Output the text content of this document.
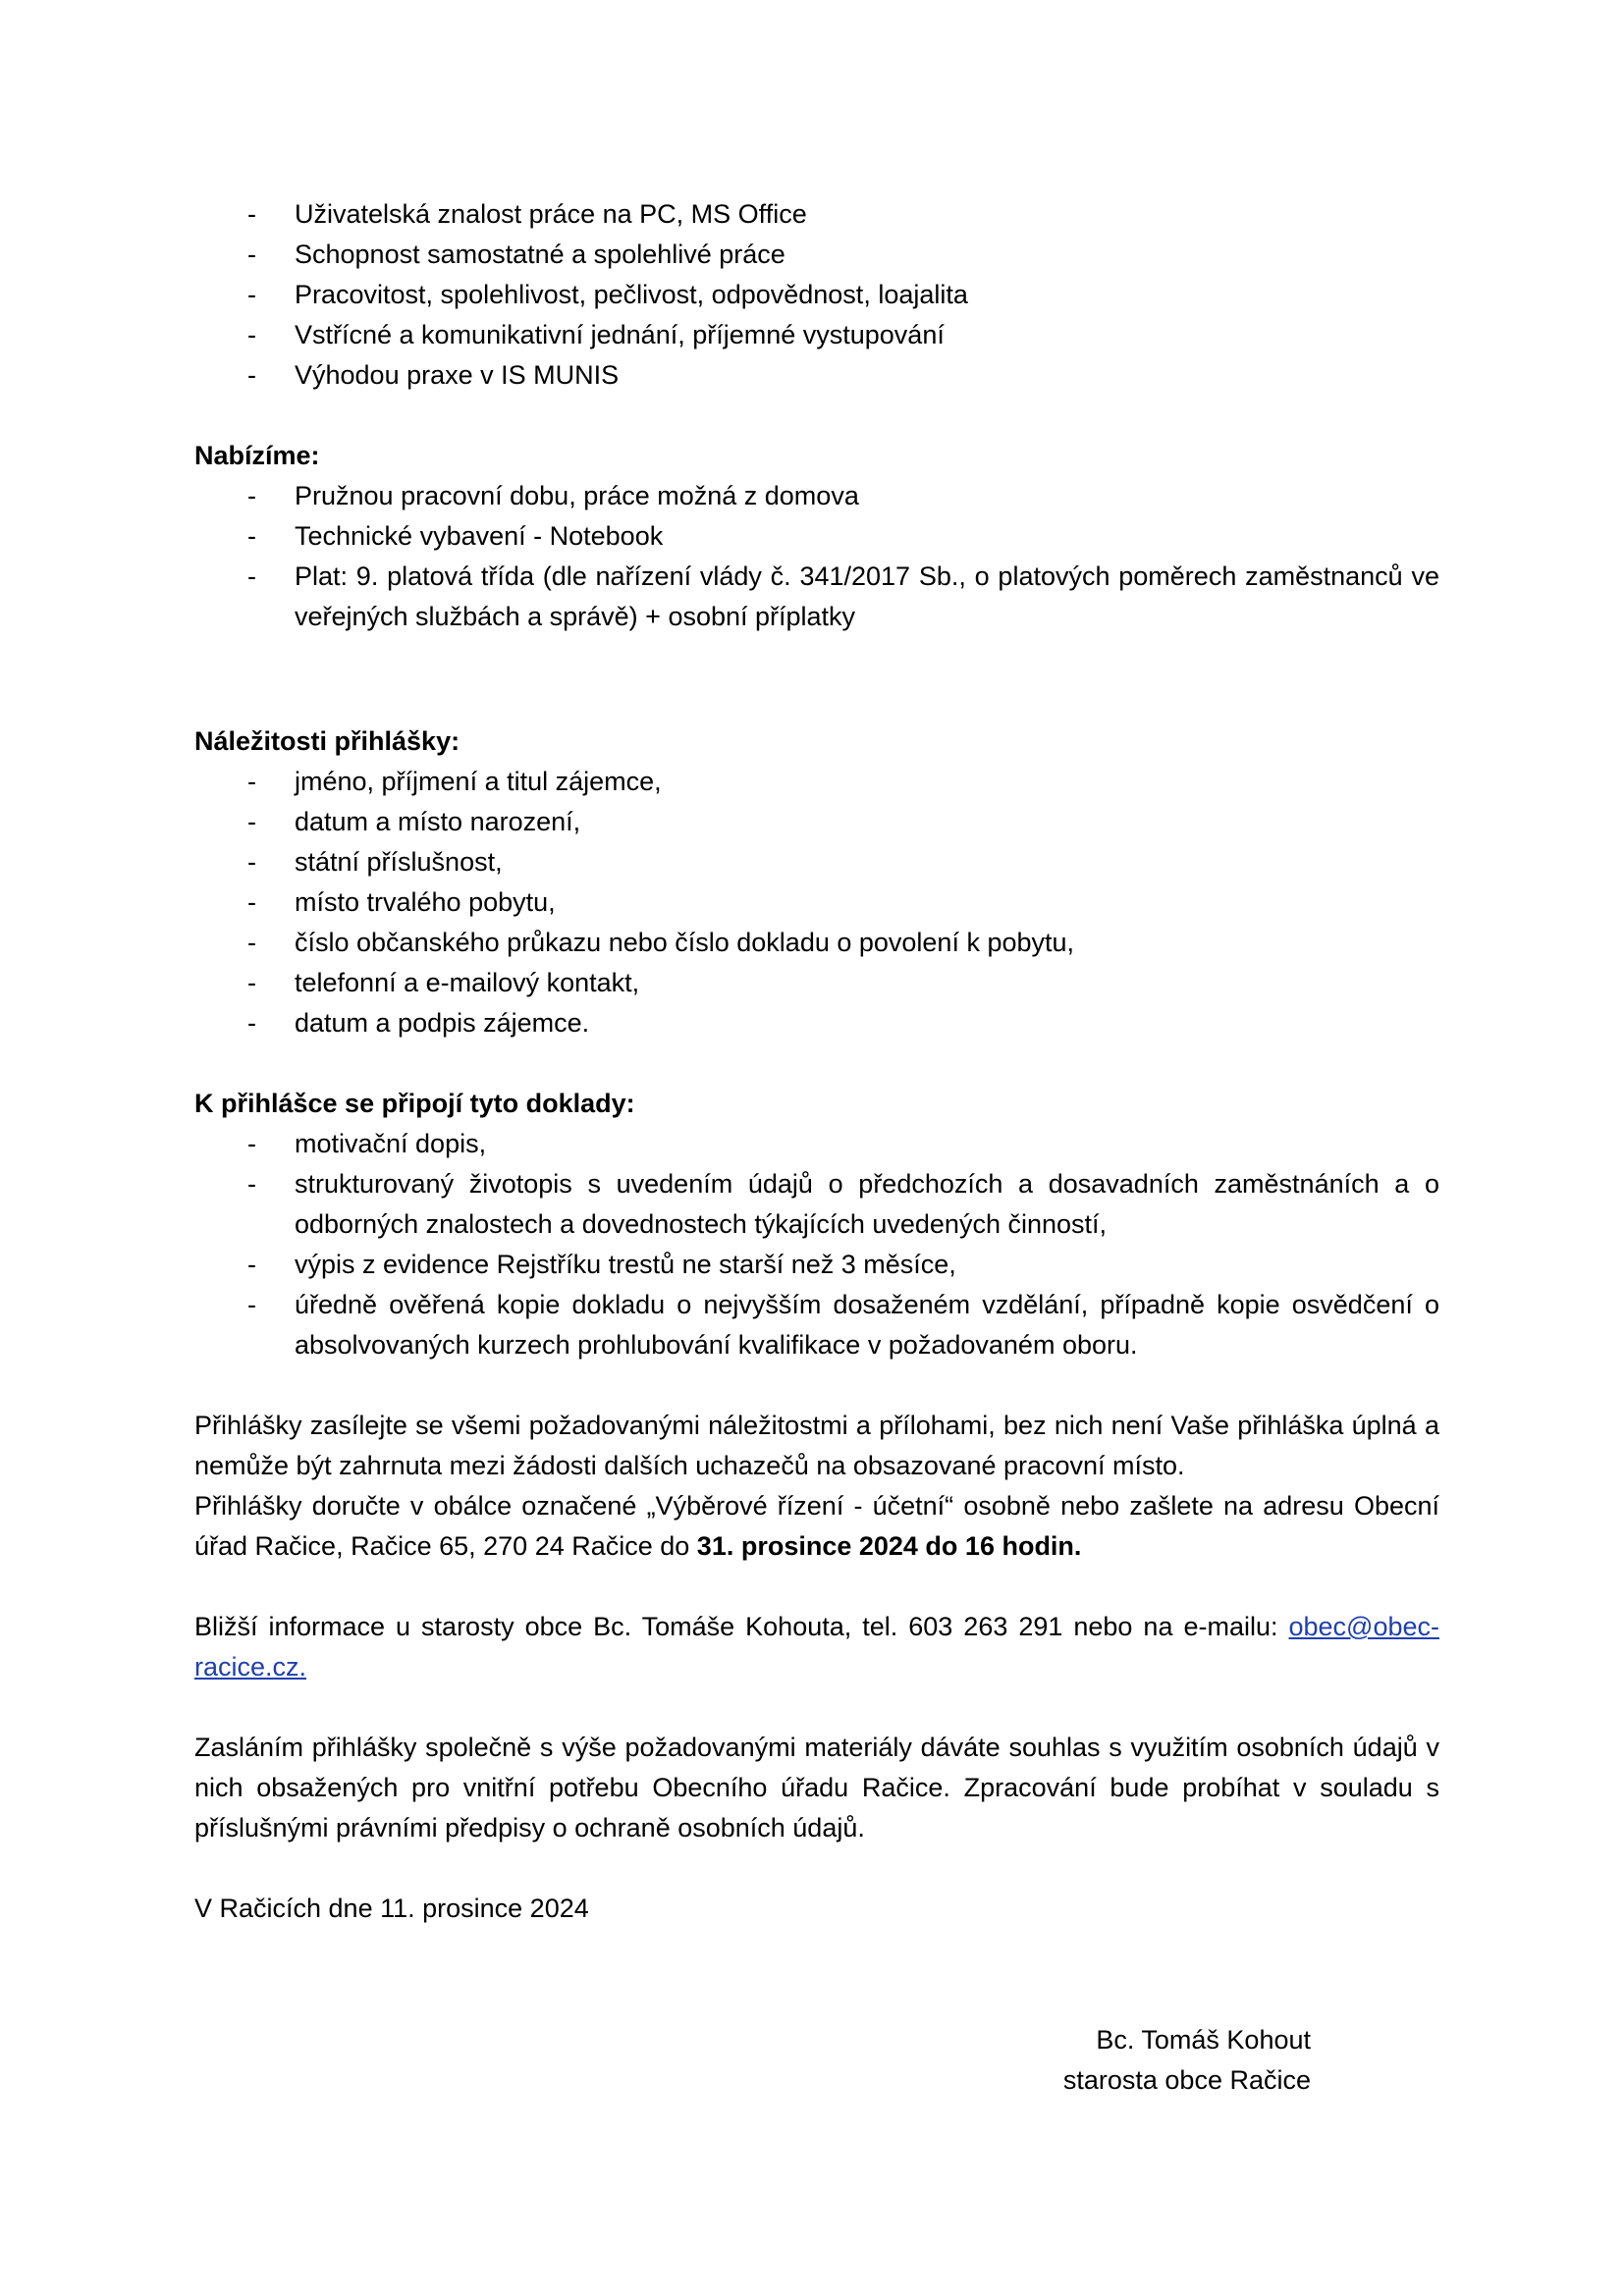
- Uživatelská znalost práce na PC, MS Office
- Schopnost samostatné a spolehlivé práce
- Pracovitost, spolehlivost, pečlivost, odpovědnost, loajalita
- Vstřícné a komunikativní jednání, příjemné vystupování
- Výhodou praxe v IS MUNIS

Nabízíme:

- Pružnou pracovní dobu, práce možná z domova
- Technické vybavení - Notebook
- Plat: 9. platová třída (dle nařízení vlády č. 341/2017 Sb., o platových poměrech zaměstnanců ve veřejných službách a správě) + osobní příplatky

Náležitosti přihlášky:

- jméno, příjmení a titul zájemce,
- datum a místo narození,
- státní příslušnost,
- místo trvalého pobytu,
- číslo občanského průkazu nebo číslo dokladu o povolení k pobytu,
- telefonní a e-mailový kontakt,
- datum a podpis zájemce.

K přihlášce se připojí tyto doklady:

- motivační dopis,
- strukturovaný životopis s uvedením údajů o předchozích a dosavadních zaměstnáních a o odborných znalostech a dovednostech týkajících uvedených činností,
- výpis z evidence Rejstříku trestů ne starší než 3 měsíce,
- úředně ověřená kopie dokladu o nejvyšším dosaženém vzdělání, případně kopie osvědčení o absolvovaných kurzech prohlubování kvalifikace v požadovaném oboru.

Přihlášky zasílejte se všemi požadovanými náležitostmi a přílohami, bez nich není Vaše přihláška úplná a nemůže být zahrnuta mezi žádosti dalších uchazečů na obsazované pracovní místo.

Přihlášky doručte v obálce označené „Výběrové řízení - účetní“ osobně nebo zašlete na adresu Obecní úřad Račice, Račice 65, 270 24 Račice do 31. prosince 2024 do 16 hodin.

Bližší informace u starosty obce Bc. Tomáše Kohouta, tel. 603 263 291 nebo na e-mailu: obec@obec-racice.cz.

Zasláním přihlášky společně s výše požadovanými materiály dáváte souhlas s využitím osobních údajů v nich obsažených pro vnitřní potřebu Obecního úřadu Račice. Zpracování bude probíhat v souladu s příslušnými právními předpisy o ochraně osobních údajů.

V Račicích dne 11. prosince 2024

Bc. Tomáš Kohout
starosta obce Račice
